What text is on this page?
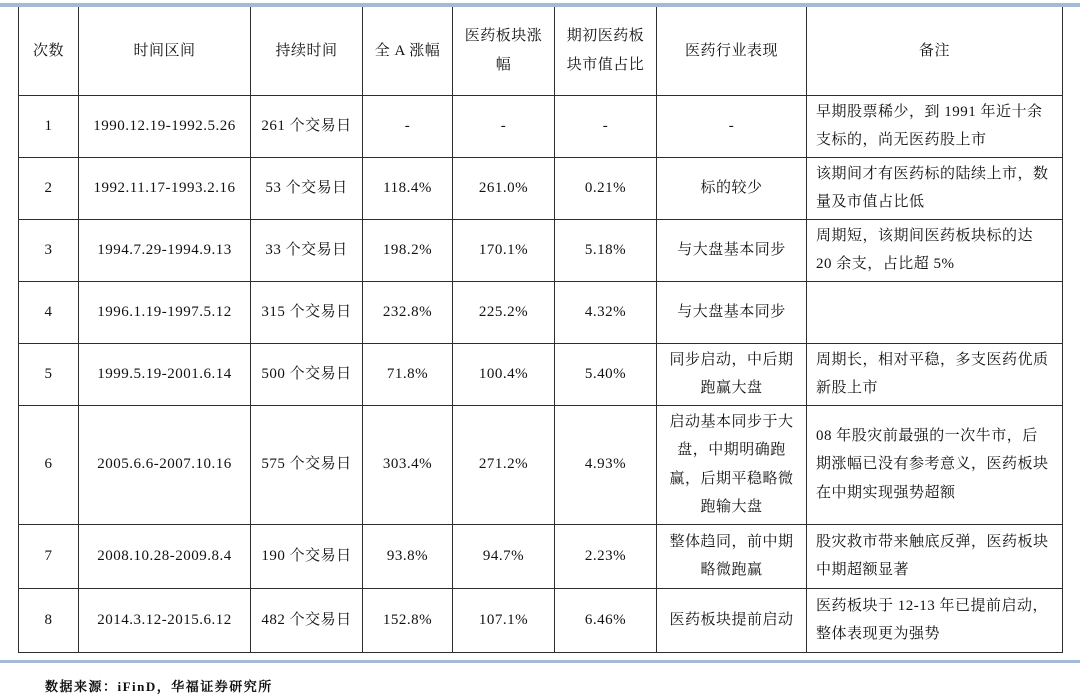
次数	时间区间	持续时间	全 A 涨幅	医药板块涨幅	期初医药板块市值占比	医药行业表现	备注
1	1990.12.19-1992.5.26	261 个交易日	-	-	-	-	早期股票稀少，到 1991 年近十余支标的，尚无医药股上市
2	1992.11.17-1993.2.16	53 个交易日	118.4%	261.0%	0.21%	标的较少	该期间才有医药标的陆续上市，数量及市值占比低
3	1994.7.29-1994.9.13	33 个交易日	198.2%	170.1%	5.18%	与大盘基本同步	周期短，该期间医药板块标的达 20 余支，占比超 5%
4	1996.1.19-1997.5.12	315 个交易日	232.8%	225.2%	4.32%	与大盘基本同步	
5	1999.5.19-2001.6.14	500 个交易日	71.8%	100.4%	5.40%	同步启动，中后期跑赢大盘	周期长，相对平稳，多支医药优质新股上市
6	2005.6.6-2007.10.16	575 个交易日	303.4%	271.2%	4.93%	启动基本同步于大盘，中期明确跑赢，后期平稳略微跑输大盘	08 年股灾前最强的一次牛市，后期涨幅已没有参考意义，医药板块在中期实现强势超额
7	2008.10.28-2009.8.4	190 个交易日	93.8%	94.7%	2.23%	整体趋同，前中期略微跑赢	股灾救市带来触底反弹，医药板块中期超额显著
8	2014.3.12-2015.6.12	482 个交易日	152.8%	107.1%	6.46%	医药板块提前启动	医药板块于 12-13 年已提前启动，整体表现更为强势
数据来源：iFinD，华福证券研究所
